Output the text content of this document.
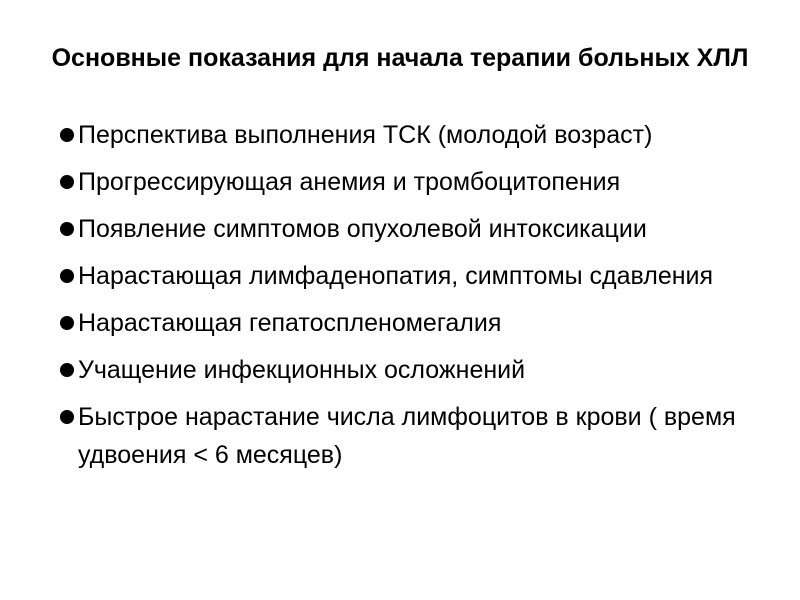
Основные показания для начала терапии больных ХЛЛ
Перспектива выполнения ТСК (молодой возраст)
Прогрессирующая анемия и тромбоцитопения
Появление симптомов опухолевой интоксикации
Нарастающая лимфаденопатия, симптомы сдавления
Нарастающая гепатоспленомегалия
Учащение инфекционных осложнений
Быстрое нарастание числа лимфоцитов в крови ( время удвоения < 6 месяцев)
